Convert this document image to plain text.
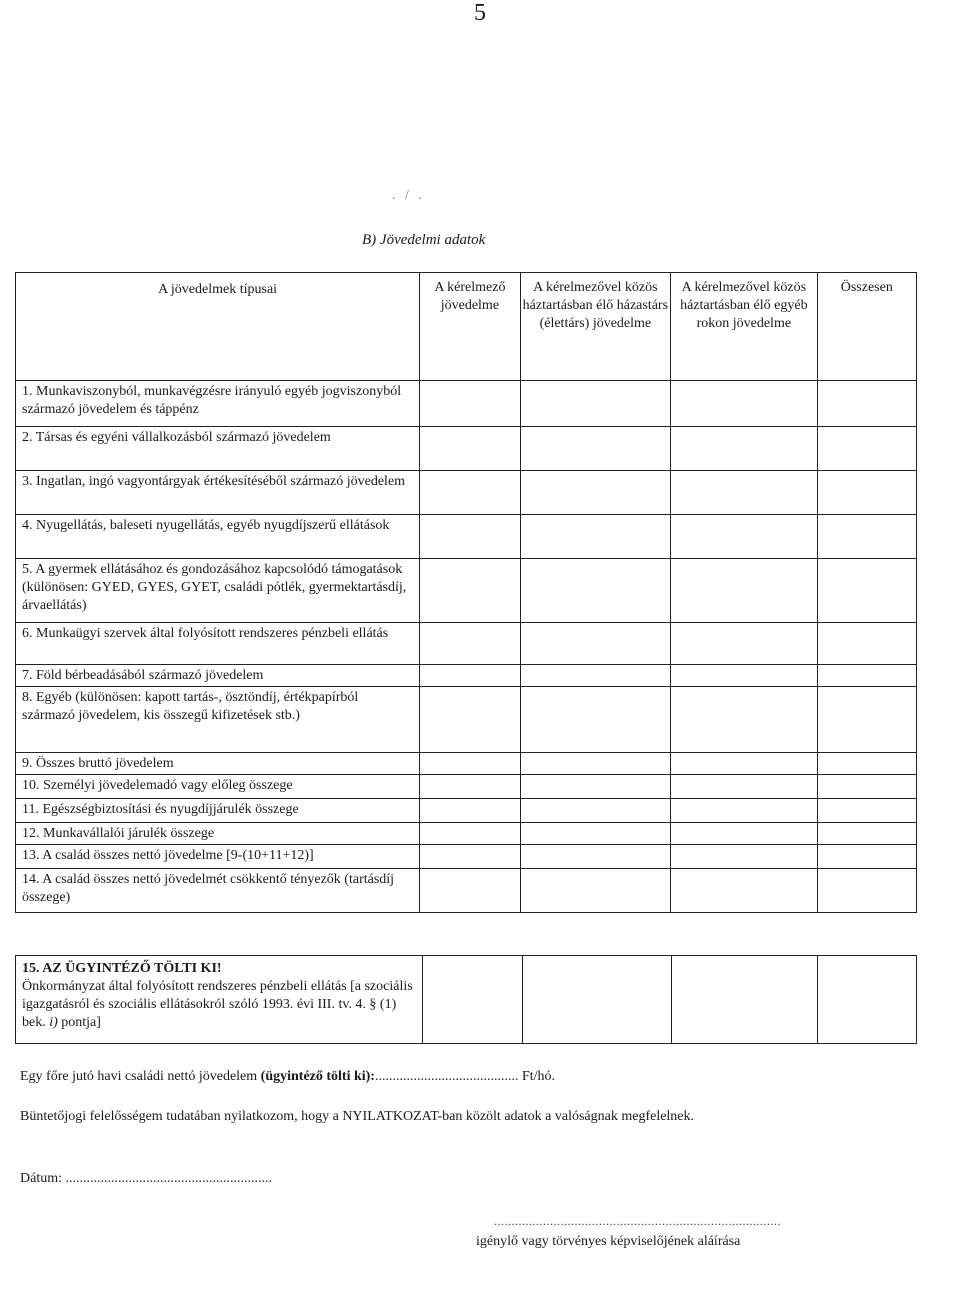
5
. / .
B) Jövedelmi adatok
A jövedelmek típusai	A kérelmező jövedelme	A kérelmezővel közös háztartásban élő házastárs (élettárs) jövedelme	A kérelmezővel közös háztartásban élő egyéb rokon jövedelme	Összesen
1. Munkaviszonyból, munkavégzésre irányuló egyéb jogviszonyból származó jövedelem és táppénz				
2. Társas és egyéni vállalkozásból származó jövedelem				
3. Ingatlan, ingó vagyontárgyak értékesítéséből származó jövedelem				
4. Nyugellátás, baleseti nyugellátás, egyéb nyugdíjszerű ellátások				
5. A gyermek ellátásához és gondozásához kapcsolódó támogatások (különösen: GYED, GYES, GYET, családi pótlék, gyermektartásdíj, árvaellátás)				
6. Munkaügyi szervek által folyósított rendszeres pénzbeli ellátás				
7. Föld bérbeadásából származó jövedelem				
8. Egyéb (különösen: kapott tartás-, ösztöndíj, értékpapírból származó jövedelem, kis összegű kifizetések stb.)				
9. Összes bruttó jövedelem				
10. Személyi jövedelemadó vagy előleg összege				
11. Egészségbiztosítási és nyugdíjjárulék összege				
12. Munkavállalói járulék összege				
13. A család összes nettó jövedelme [9-(10+11+12)]				
14. A család összes nettó jövedelmét csökkentő tényezők (tartásdíj összege)				
15. AZ ÜGYINTÉZŐ TÖLTI KI!
Önkormányzat által folyósított rendszeres pénzbeli ellátás [a szociális igazgatásról és szociális ellátásokról szóló 1993. évi III. tv. 4. § (1) bek. i) pontja]				
Egy főre jutó havi családi nettó jövedelem (ügyintéző tölti ki):......................................... Ft/hó.
Büntetőjogi felelősségem tudatában nyilatkozom, hogy a NYILATKOZAT-ban közölt adatok a valóságnak megfelelnek.
Dátum: ...........................................................
..................................................................................
igénylő vagy törvényes képviselőjének aláírása
